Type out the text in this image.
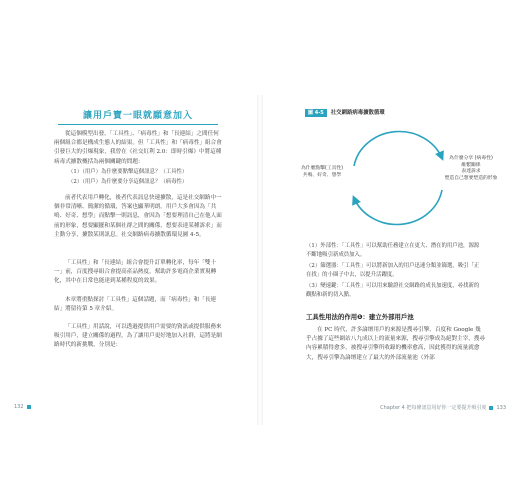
讓用戶寶一眼就願意加入

從這個模型出發，「工具性」、「病毒性」和「長連結」之間任何兩個組合都是構成生態人的結果。但「工具性」和「病毒性」組合會引發巨大的引爆現象，我曾在《社交紅利 2.0：即時引爆》中將這種病毒式擴散概括為兩個關鍵的問題：

（1）（用戶）為什麼要點擊這個訊息？（工具性）
（2）（用戶）為什麼要分享這個訊息？（病毒性）

前者代表用戶轉化，後者代表訊息快速擴散，這是社交網路中一個非常清晰、簡潔的循環，答案也顯華明朗。用戶大多會因為「共鳴、好奇、想學」而點擊一則訊息，會因為「想要理清自己在他人面前的形象，想要顯擺和某個社群之間的關係，想要表達某種訴求」而主動分享，擴散某則訊息。社交網路病毒擴散循環見圖 4-5。

「工具性」和「長連結」組合會提升訂單轉化率，每年「雙十一」前，百度搜尋組合會提高產品熱度，幫助許多電商企業實現轉化，其中在日常也能達到某種程度的效果。

本章將重點探討「工具性」這個話題，而「病毒性」和「長連結」將留待第 5 章介紹。

「工具性」用話說，可以透過提供用戶需要的資訊或提供服務來吸引用戶，建立關係的過程，為了讓用戶更好地加入社群，這將是網路時代的新挑戰，分別是：

132
圖 4-5 社交網路病毒擴散循環
為什麼點擊(工具性)
共鳴、好奇、想學
為什麼分享 (病毒性)
維繫關係
表達訴求
塑造自己想要塑造的形象

（1）外部性：「工具性」可以幫助任務建立在更大、潛在的用戶池，源源不斷地吸引新成員加入。

（2）篩選器：「工具性」可以將新加入的用戶迅速分類並篩選，吸引「正在找」的小圈子中去，以提升活躍度。

（3）變速鍵：「工具性」可以用來驗證社交網路的成長加速度，尋找新的觀點和新的切入點。

工具性用法的作用❶：建立外部用戶池

在 PC 時代，許多論壇用戶的來源是搜尋引擎、百度和 Google 幾乎占據了這些網站八九成以上的流量來源，搜尋引擎成為絕對主宰，搜尋內容累積得愈多，被搜尋引擎所收錄的機率愈高，因此獲得的流量就愈大，搜尋引擎為論壇建立了最大的外部流量池（外部

Chapter 4 把每條訊息用好你一定要提升吸引度 133
